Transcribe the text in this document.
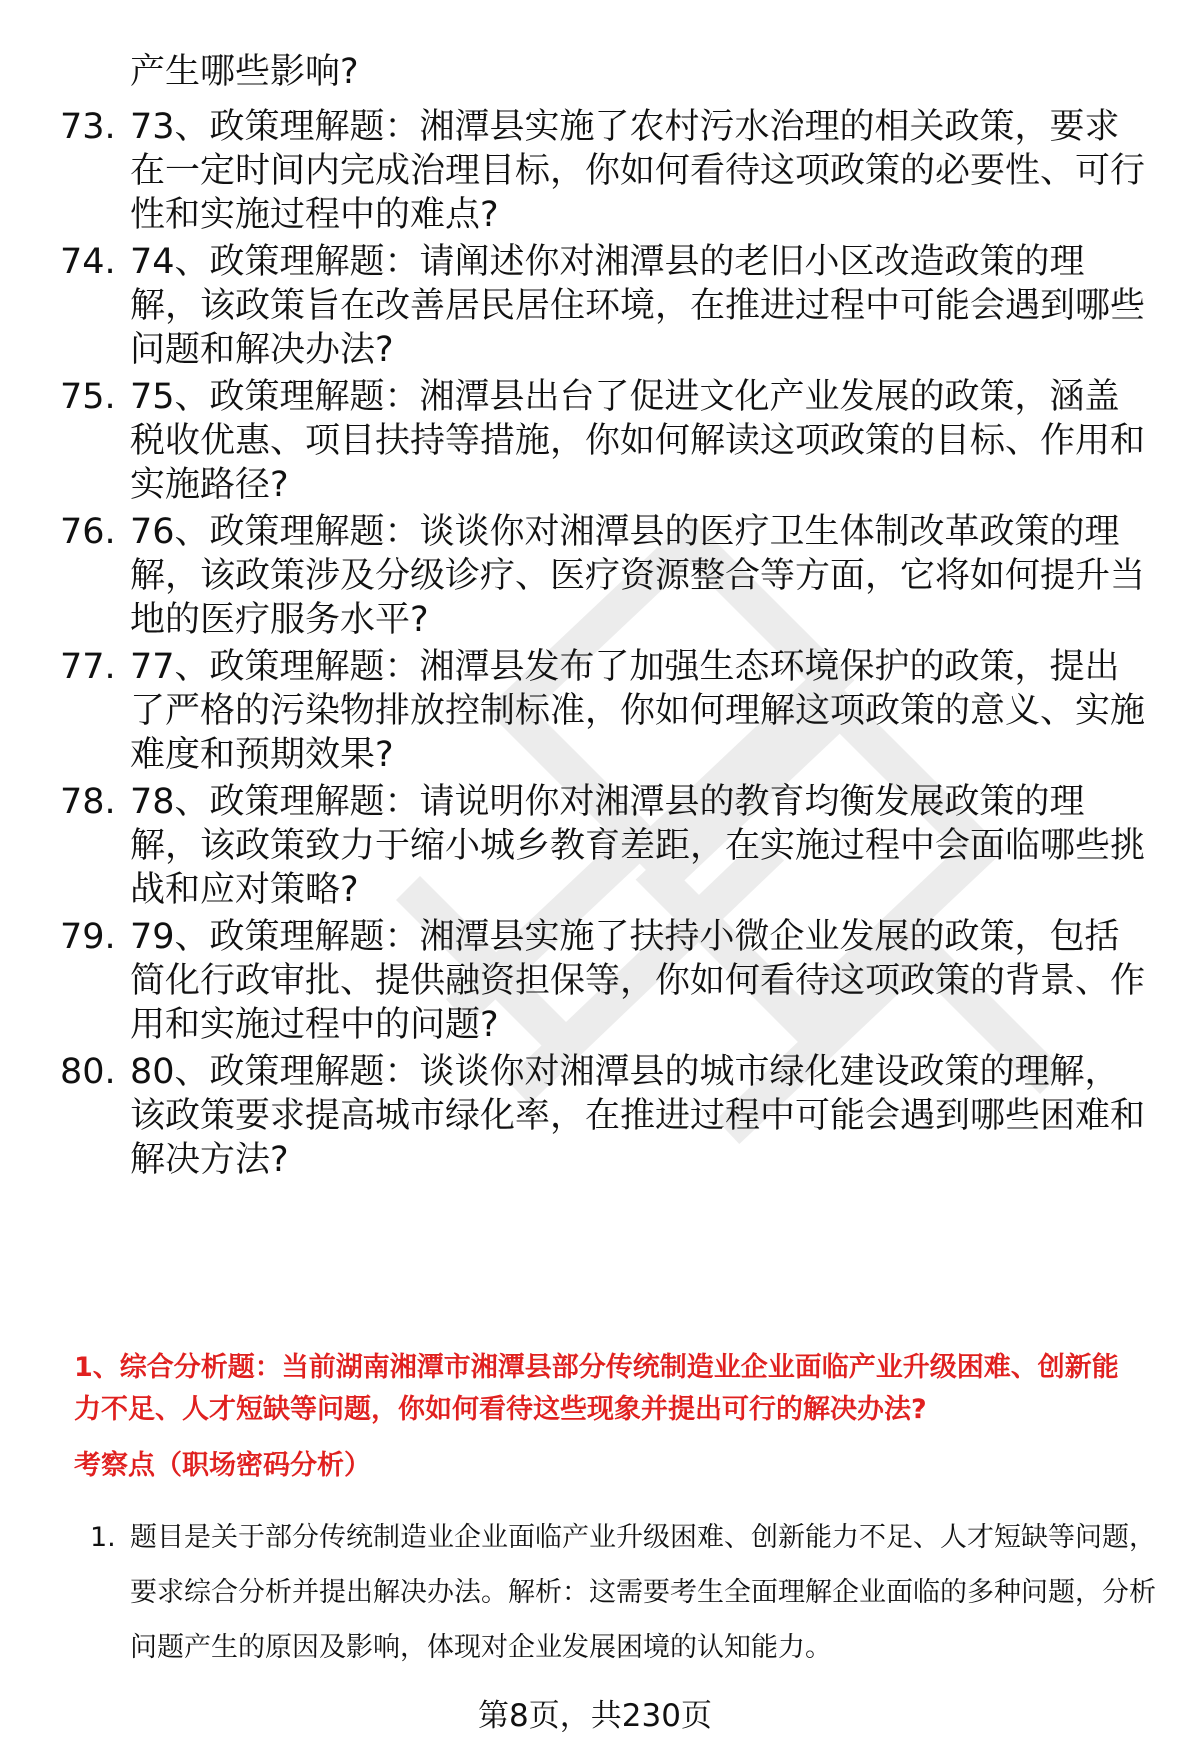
产生哪些影响?
73. 73、政策理解题：湘潭县实施了农村污水治理的相关政策，要求在一定时间内完成治理目标，你如何看待这项政策的必要性、可行性和实施过程中的难点?
74. 74、政策理解题：请阐述你对湘潭县的老旧小区改造政策的理解，该政策旨在改善居民居住环境，在推进过程中可能会遇到哪些问题和解决办法?
75. 75、政策理解题：湘潭县出台了促进文化产业发展的政策，涵盖税收优惠、项目扶持等措施，你如何解读这项政策的目标、作用和实施路径?
76. 76、政策理解题：谈谈你对湘潭县的医疗卫生体制改革政策的理解，该政策涉及分级诊疗、医疗资源整合等方面，它将如何提升当地的医疗服务水平?
77. 77、政策理解题：湘潭县发布了加强生态环境保护的政策，提出了严格的污染物排放控制标准，你如何理解这项政策的意义、实施难度和预期效果?
78. 78、政策理解题：请说明你对湘潭县的教育均衡发展政策的理解，该政策致力于缩小城乡教育差距，在实施过程中会面临哪些挑战和应对策略?
79. 79、政策理解题：湘潭县实施了扶持小微企业发展的政策，包括简化行政审批、提供融资担保等，你如何看待这项政策的背景、作用和实施过程中的问题?
80. 80、政策理解题：谈谈你对湘潭县的城市绿化建设政策的理解，该政策要求提高城市绿化率，在推进过程中可能会遇到哪些困难和解决方法?
1、综合分析题：当前湖南湘潭市湘潭县部分传统制造业企业面临产业升级困难、创新能力不足、人才短缺等问题，你如何看待这些现象并提出可行的解决办法?
考察点（职场密码分析）
1. 题目是关于部分传统制造业企业面临产业升级困难、创新能力不足、人才短缺等问题，要求综合分析并提出解决办法。解析：这需要考生全面理解企业面临的多种问题，分析问题产生的原因及影响，体现对企业发展困境的认知能力。
第8页，共230页
